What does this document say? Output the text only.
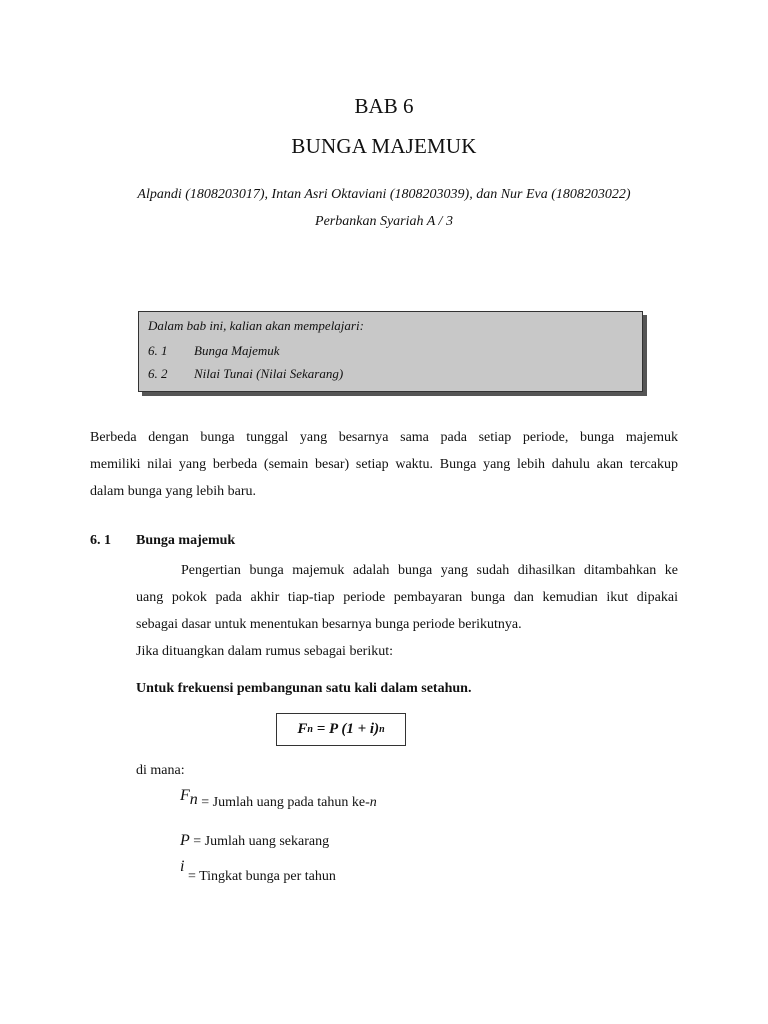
BAB 6
BUNGA MAJEMUK
Alpandi (1808203017), Intan Asri Oktaviani (1808203039), dan Nur Eva (1808203022)
Perbankan Syariah A / 3
Dalam bab ini, kalian akan mempelajari:
6. 1 Bunga Majemuk
6. 2 Nilai Tunai (Nilai Sekarang)
Berbeda dengan bunga tunggal yang besarnya sama pada setiap periode, bunga majemuk
memiliki nilai yang berbeda (semain besar) setiap waktu. Bunga yang lebih dahulu akan tercakup
dalam bunga yang lebih baru.
6. 1 Bunga majemuk
Pengertian bunga majemuk adalah bunga yang sudah dihasilkan ditambahkan ke
uang pokok pada akhir tiap-tiap periode pembayaran bunga dan kemudian ikut dipakai
sebagai dasar untuk menentukan besarnya bunga periode berikutnya.
Jika dituangkan dalam rumus sebagai berikut:
Untuk frekuensi pembangunan satu kali dalam setahun.
F n
=
P (1 + i) n
di mana:
$F_n$ = Jumlah uang pada tahun ke-n
P = Jumlah uang sekarang
i = Tingkat bunga per tahun
